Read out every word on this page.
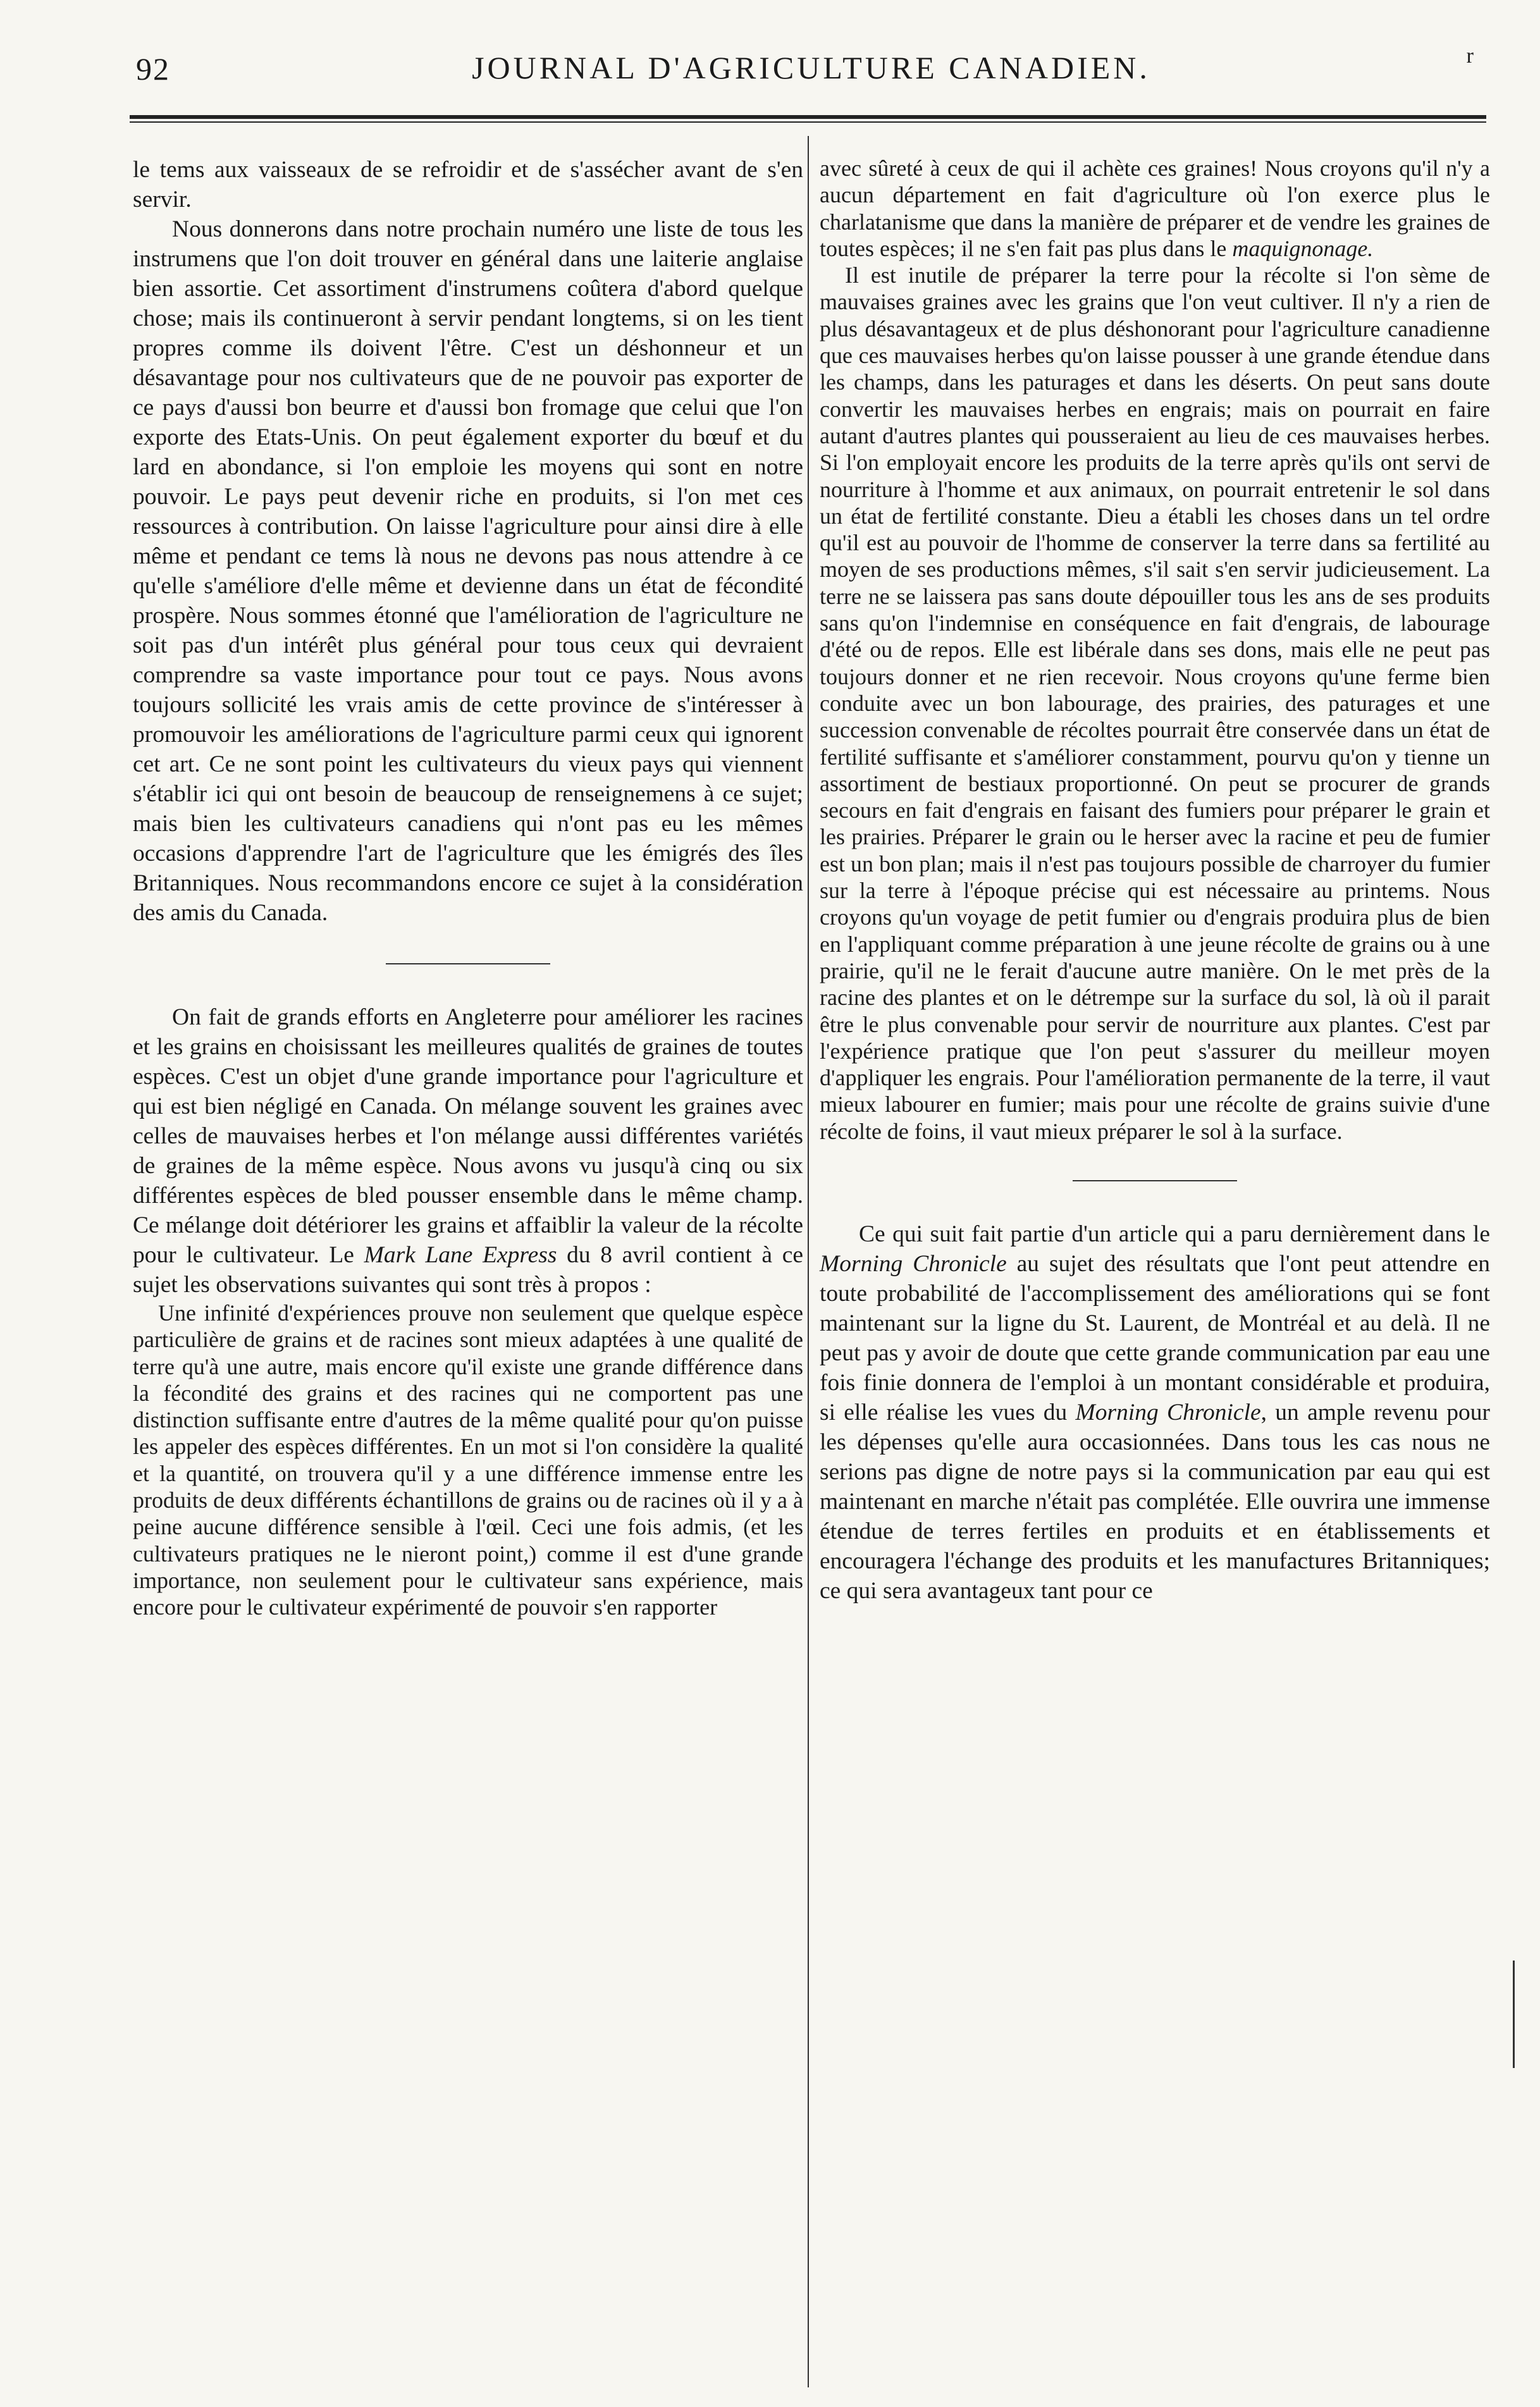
92	JOURNAL D'AGRICULTURE CANADIEN.	r

le tems aux vaisseaux de se refroidir et de s'assécher avant de s'en servir.

Nous donnerons dans notre prochain numéro une liste de tous les instrumens que l'on doit trouver en général dans une laiterie anglaise bien assortie. Cet assortiment d'instrumens coûtera d'abord quelque chose; mais ils continueront à servir pendant longtems, si on les tient propres comme ils doivent l'être. C'est un déshonneur et un désavantage pour nos cultivateurs que de ne pouvoir pas exporter de ce pays d'aussi bon beurre et d'aussi bon fromage que celui que l'on exporte des Etats-Unis. On peut également exporter du bœuf et du lard en abondance, si l'on emploie les moyens qui sont en notre pouvoir. Le pays peut devenir riche en produits, si l'on met ces ressources à contribution. On laisse l'agriculture pour ainsi dire à elle même et pendant ce tems là nous ne devons pas nous attendre à ce qu'elle s'améliore d'elle même et devienne dans un état de fécondité prospère. Nous sommes étonné que l'amélioration de l'agriculture ne soit pas d'un intérêt plus général pour tous ceux qui devraient comprendre sa vaste importance pour tout ce pays. Nous avons toujours sollicité les vrais amis de cette province de s'intéresser à promouvoir les améliorations de l'agriculture parmi ceux qui ignorent cet art. Ce ne sont point les cultivateurs du vieux pays qui viennent s'établir ici qui ont besoin de beaucoup de renseignemens à ce sujet; mais bien les cultivateurs canadiens qui n'ont pas eu les mêmes occasions d'apprendre l'art de l'agriculture que les émigrés des îles Britanniques. Nous recommandons encore ce sujet à la considération des amis du Canada.

On fait de grands efforts en Angleterre pour améliorer les racines et les grains en choisissant les meilleures qualités de graines de toutes espèces. C'est un objet d'une grande importance pour l'agriculture et qui est bien négligé en Canada. On mélange souvent les graines avec celles de mauvaises herbes et l'on mélange aussi différentes variétés de graines de la même espèce. Nous avons vu jusqu'à cinq ou six différentes espèces de bled pousser ensemble dans le même champ. Ce mélange doit détériorer les grains et affaiblir la valeur de la récolte pour le cultivateur. Le Mark Lane Express du 8 avril contient à ce sujet les observations suivantes qui sont très à propos :

Une infinité d'expériences prouve non seulement que quelque espèce particulière de grains et de racines sont mieux adaptées à une qualité de terre qu'à une autre, mais encore qu'il existe une grande différence dans la fécondité des grains et des racines qui ne comportent pas une distinction suffisante entre d'autres de la même qualité pour qu'on puisse les appeler des espèces différentes. En un mot si l'on considère la qualité et la quantité, on trouvera qu'il y a une différence immense entre les produits de deux différents échantillons de grains ou de racines où il y a à peine aucune différence sensible à l'œil. Ceci une fois admis, (et les cultivateurs pratiques ne le nieront point,) comme il est d'une grande importance, non seulement pour le cultivateur sans expérience, mais encore pour le cultivateur expérimenté de pouvoir s'en rapporter

avec sûreté à ceux de qui il achète ces graines! Nous croyons qu'il n'y a aucun département en fait d'agriculture où l'on exerce plus le charlatanisme que dans la manière de préparer et de vendre les graines de toutes espèces; il ne s'en fait pas plus dans le maquignonage.

Il est inutile de préparer la terre pour la récolte si l'on sème de mauvaises graines avec les grains que l'on veut cultiver. Il n'y a rien de plus désavantageux et de plus déshonorant pour l'agriculture canadienne que ces mauvaises herbes qu'on laisse pousser à une grande étendue dans les champs, dans les paturages et dans les déserts. On peut sans doute convertir les mauvaises herbes en engrais; mais on pourrait en faire autant d'autres plantes qui pousseraient au lieu de ces mauvaises herbes. Si l'on employait encore les produits de la terre après qu'ils ont servi de nourriture à l'homme et aux animaux, on pourrait entretenir le sol dans un état de fertilité constante. Dieu a établi les choses dans un tel ordre qu'il est au pouvoir de l'homme de conserver la terre dans sa fertilité au moyen de ses productions mêmes, s'il sait s'en servir judicieusement. La terre ne se laissera pas sans doute dépouiller tous les ans de ses produits sans qu'on l'indemnise en conséquence en fait d'engrais, de labourage d'été ou de repos. Elle est libérale dans ses dons, mais elle ne peut pas toujours donner et ne rien recevoir. Nous croyons qu'une ferme bien conduite avec un bon labourage, des prairies, des paturages et une succession convenable de récoltes pourrait être conservée dans un état de fertilité suffisante et s'améliorer constamment, pourvu qu'on y tienne un assortiment de bestiaux proportionné. On peut se procurer de grands secours en fait d'engrais en faisant des fumiers pour préparer le grain et les prairies. Préparer le grain ou le herser avec la racine et peu de fumier est un bon plan; mais il n'est pas toujours possible de charroyer du fumier sur la terre à l'époque précise qui est nécessaire au printems. Nous croyons qu'un voyage de petit fumier ou d'engrais produira plus de bien en l'appliquant comme préparation à une jeune récolte de grains ou à une prairie, qu'il ne le ferait d'aucune autre manière. On le met près de la racine des plantes et on le détrempe sur la surface du sol, là où il parait être le plus convenable pour servir de nourriture aux plantes. C'est par l'expérience pratique que l'on peut s'assurer du meilleur moyen d'appliquer les engrais. Pour l'amélioration permanente de la terre, il vaut mieux labourer en fumier; mais pour une récolte de grains suivie d'une récolte de foins, il vaut mieux préparer le sol à la surface.

Ce qui suit fait partie d'un article qui a paru dernièrement dans le Morning Chronicle au sujet des résultats que l'ont peut attendre en toute probabilité de l'accomplissement des améliorations qui se font maintenant sur la ligne du St. Laurent, de Montréal et au delà. Il ne peut pas y avoir de doute que cette grande communication par eau une fois finie donnera de l'emploi à un montant considérable et produira, si elle réalise les vues du Morning Chronicle, un ample revenu pour les dépenses qu'elle aura occasionnées. Dans tous les cas nous ne serions pas digne de notre pays si la communication par eau qui est maintenant en marche n'était pas complétée. Elle ouvrira une immense étendue de terres fertiles en produits et en établissements et encouragera l'échange des produits et les manufactures Britanniques; ce qui sera avantageux tant pour ce
